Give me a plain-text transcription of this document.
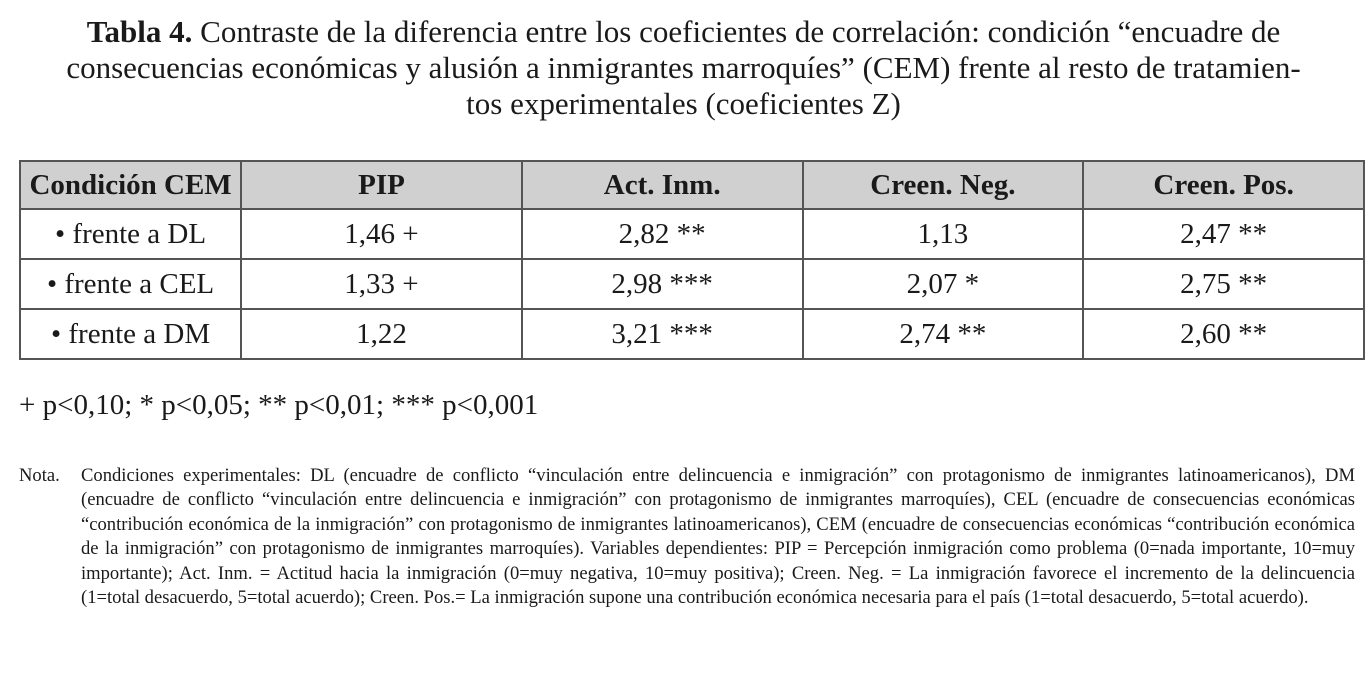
Tabla 4. Contraste de la diferencia entre los coeficientes de correlación: condición “encuadre de
consecuencias económicas y alusión a inmigrantes marroquíes” (CEM) frente al resto de tratamien-
tos experimentales (coeficientes Z)
Condición CEM	PIP	Act. Inm.	Creen. Neg.	Creen. Pos.
• frente a DL	1,46 +	2,82 **	1,13	2,47 **
• frente a CEL	1,33 +	2,98 ***	2,07 *	2,75 **
• frente a DM	1,22	3,21 ***	2,74 **	2,60 **
+ p<0,10; * p<0,05; ** p<0,01; *** p<0,001
Nota. Condiciones experimentales: DL (encuadre de conflicto “vinculación entre delincuencia e inmigración” con protagonismo de inmigrantes latinoamericanos), DM (encuadre de conflicto “vinculación entre delincuencia e inmigración” con protagonismo de inmigrantes marroquíes), CEL (encuadre de consecuencias económicas “contribución económica de la inmigración” con protagonismo de inmigrantes latinoamericanos), CEM (encuadre de consecuencias económicas “contribución económica de la inmigración” con protagonismo de inmigrantes marroquíes). Variables dependientes: PIP = Percepción inmigración como problema (0=nada importante, 10=muy importante); Act. Inm. = Actitud hacia la inmigración (0=muy negativa, 10=muy positiva); Creen. Neg. = La inmigración favorece el incremento de la delincuencia (1=total desacuerdo, 5=total acuerdo); Creen. Pos.= La inmigración supone una contribución económica necesaria para el país (1=total desacuerdo, 5=total acuerdo).
